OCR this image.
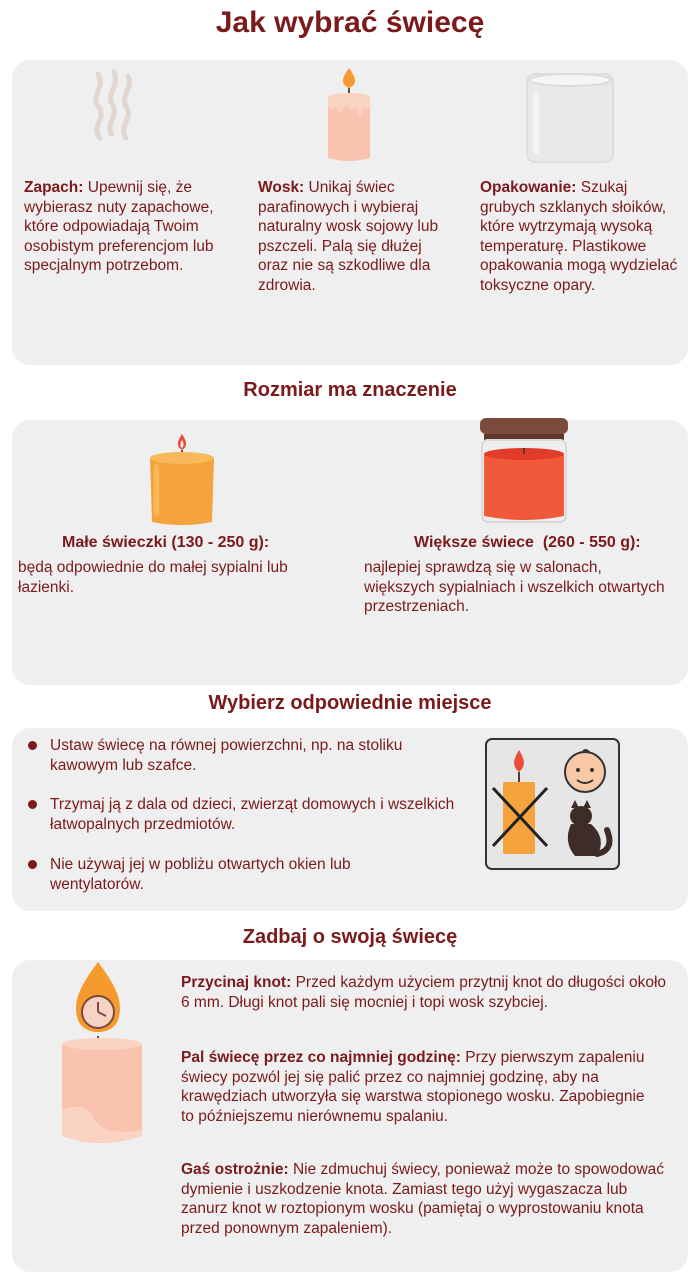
Jak wybrać świecę
Zapach: Upewnij się, że wybierasz nuty zapachowe, które odpowiadają Twoim osobistym preferencjom lub specjalnym potrzebom.
Wosk: Unikaj świec parafinowych i wybieraj naturalny wosk sojowy lub pszczeli. Palą się dłużej oraz nie są szkodliwe dla zdrowia.
Opakowanie: Szukaj grubych szklanych słoików, które wytrzymają wysoką temperaturę. Plastikowe opakowania mogą wydzielać toksyczne opary.
Rozmiar ma znaczenie
Małe świeczki (130 - 250 g):
będą odpowiednie do małej sypialni lub łazienki.
Większe świece  (260 - 550 g):
najlepiej sprawdzą się w salonach, większych sypialniach i wszelkich otwartych przestrzeniach.
Wybierz odpowiednie miejsce
Ustaw świecę na równej powierzchni, np. na stoliku kawowym lub szafce.
Trzymaj ją z dala od dzieci, zwierząt domowych i wszelkich łatwopalnych przedmiotów.
Nie używaj jej w pobliżu otwartych okien lub wentylatorów.
Zadbaj o swoją świecę
Przycinaj knot: Przed każdym użyciem przytnij knot do długości około 6 mm. Długi knot pali się mocniej i topi wosk szybciej.
Pal świecę przez co najmniej godzinę: Przy pierwszym zapaleniu świecy pozwól jej się palić przez co najmniej godzinę, aby na krawędziach utworzyła się warstwa stopionego wosku. Zapobiegnie to późniejszemu nierównemu spalaniu.
Gaś ostrożnie: Nie zdmuchuj świecy, ponieważ może to spowodować dymienie i uszkodzenie knota. Zamiast tego użyj wygaszacza lub zanurz knot w roztopionym wosku (pamiętaj o wyprostowaniu knota przed ponownym zapaleniem).
